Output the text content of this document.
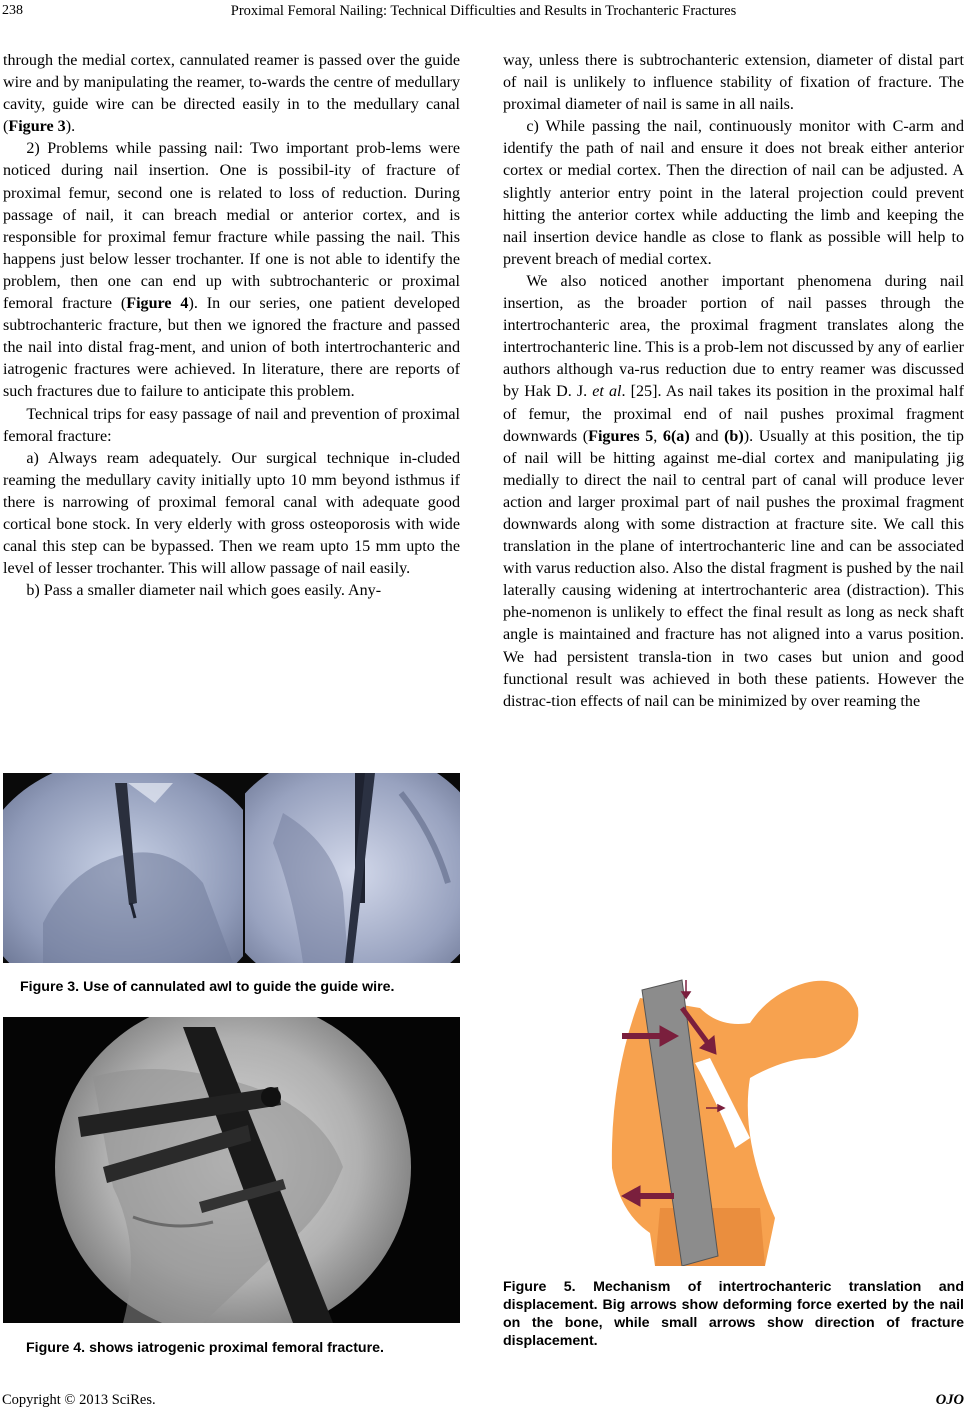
238	Proximal Femoral Nailing: Technical Difficulties and Results in Trochanteric Fractures

through the medial cortex, cannulated reamer is passed over the guide wire and by manipulating the reamer, to-wards the centre of medullary cavity, guide wire can be directed easily in to the medullary canal (Figure 3).

2) Problems while passing nail: Two important prob-lems were noticed during nail insertion. One is possibil-ity of fracture of proximal femur, second one is related to loss of reduction. During passage of nail, it can breach medial or anterior cortex, and is responsible for proximal femur fracture while passing the nail. This happens just below lesser trochanter. If one is not able to identify the problem, then one can end up with subtrochanteric or proximal femoral fracture (Figure 4). In our series, one patient developed subtrochanteric fracture, but then we ignored the fracture and passed the nail into distal frag-ment, and union of both intertrochanteric and iatrogenic fractures were achieved. In literature, there are reports of such fractures due to failure to anticipate this problem.

Technical trips for easy passage of nail and prevention of proximal femoral fracture:

a) Always ream adequately. Our surgical technique in-cluded reaming the medullary cavity initially upto 10 mm beyond isthmus if there is narrowing of proximal femoral canal with adequate good cortical bone stock. In very elderly with gross osteoporosis with wide canal this step can be bypassed. Then we ream upto 15 mm upto the level of lesser trochanter. This will allow passage of nail easily.

b) Pass a smaller diameter nail which goes easily. Any-

Figure 3. Use of cannulated awl to guide the guide wire.
Figure 4. shows iatrogenic proximal femoral fracture.

way, unless there is subtrochanteric extension, diameter of distal part of nail is unlikely to influence stability of fixation of fracture. The proximal diameter of nail is same in all nails.

c) While passing the nail, continuously monitor with C-arm and identify the path of nail and ensure it does not break either anterior cortex or medial cortex. Then the direction of nail can be adjusted. A slightly anterior entry point in the lateral projection could prevent hitting the anterior cortex while adducting the limb and keeping the nail insertion device handle as close to flank as possible will help to prevent breach of medial cortex.

We also noticed another important phenomena during nail insertion, as the broader portion of nail passes through the intertrochanteric area, the proximal fragment translates along the intertrochanteric line. This is a prob-lem not discussed by any of earlier authors although va-rus reduction due to entry reamer was discussed by Hak D. J. et al. [25]. As nail takes its position in the proximal half of femur, the proximal end of nail pushes proximal fragment downwards (Figures 5, 6(a) and (b)). Usually at this position, the tip of nail will be hitting against me-dial cortex and manipulating jig medially to direct the nail to central part of canal will produce lever action and larger proximal part of nail pushes the proximal fragment downwards along with some distraction at fracture site. We call this translation in the plane of intertrochanteric line and can be associated with varus reduction also. Also the distal fragment is pushed by the nail laterally causing widening at intertrochanteric area (distraction). This phe-nomenon is unlikely to effect the final result as long as neck shaft angle is maintained and fracture has not aligned into a varus position. We had persistent transla-tion in two cases but union and good functional result was achieved in both these patients. However the distrac-tion effects of nail can be minimized by over reaming the

Figure 5. Mechanism of intertrochanteric translation and displacement. Big arrows show deforming force exerted by the nail on the bone, while small arrows show direction of fracture displacement.
Copyright © 2013 SciRes.	OJO
